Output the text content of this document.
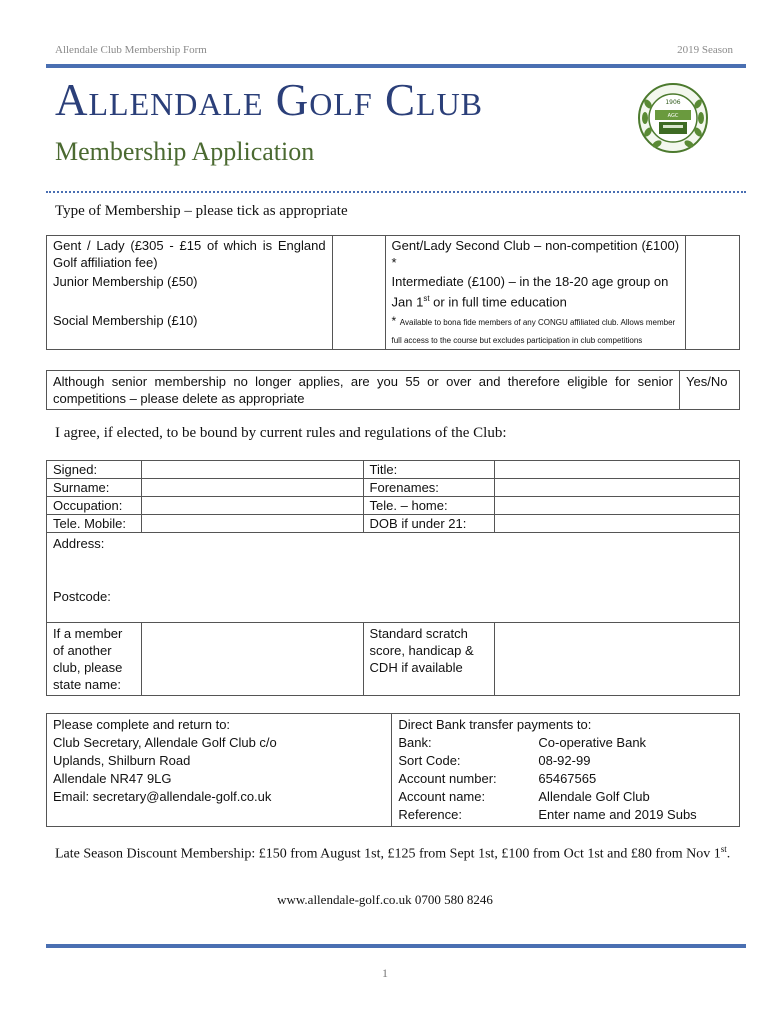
Allendale Club Membership Form	2019 Season
Allendale Golf Club
Membership Application
1906
AGC
Type of Membership – please tick as appropriate
Gent / Lady (£305 - £15 of which is England Golf affiliation fee)		Gent/Lady Second Club – non-competition (£100) *	
Junior Membership (£50)		Intermediate (£100) – in the 18-20 age group on Jan 1st or in full time education	
Social Membership (£10)		* Available to bona fide members of any CONGU affiliated club. Allows member full access to the course but excludes participation in club competitions	
Although senior membership no longer applies, are you 55 or over and therefore eligible for senior competitions – please delete as appropriate	Yes/No
I agree, if elected, to be bound by current rules and regulations of the Club:
Signed:		Title:	
Surname:		Forenames:	
Occupation:		Tele. – home:	
Tele. Mobile:		DOB if under 21:	

Address:
Postcode:			

If a member of another club, please state name:		Standard scratch score, handicap & CDH if available	
Please complete and return to:
Club Secretary, Allendale Golf Club c/o
Uplands, Shilburn Road
Allendale NR47 9LG
Email: secretary@allendale-golf.co.uk

Direct Bank transfer payments to:
Bank:	Co-operative Bank
Sort Code:	08-92-99
Account number:	65467565
Account name:	Allendale Golf Club
Reference:	Enter name and 2019 Subs
Late Season Discount Membership: £150 from August 1st, £125 from Sept 1st, £100 from Oct 1st and £80 from Nov 1st.
www.allendale-golf.co.uk 0700 580 8246
1
